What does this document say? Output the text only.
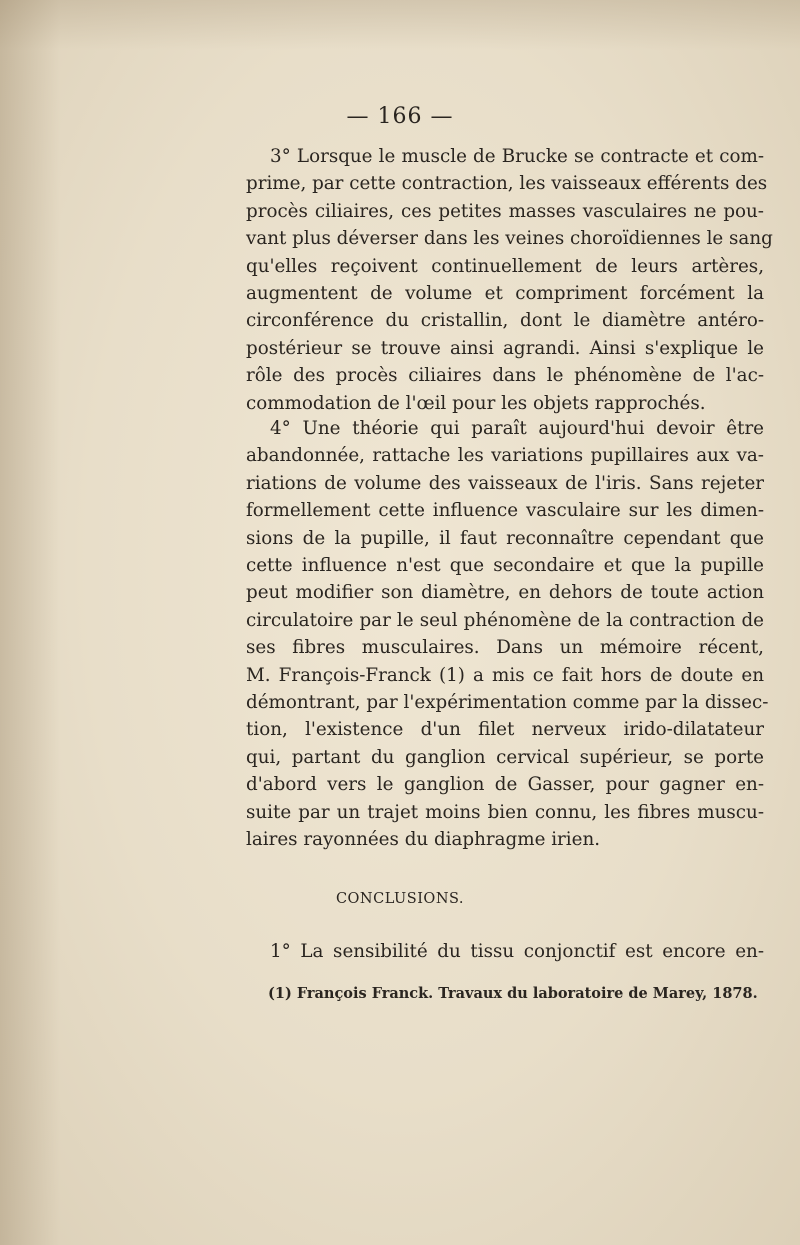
— 166 —
3° Lorsque le muscle de Brucke se contracte et com-
prime, par cette contraction, les vaisseaux efférents des
procès ciliaires, ces petites masses vasculaires ne pou-
vant plus déverser dans les veines choroïdiennes le sang
qu'elles reçoivent continuellement de leurs artères,
augmentent de volume et compriment forcément la
circonférence du cristallin, dont le diamètre antéro-
postérieur se trouve ainsi agrandi. Ainsi s'explique le
rôle des procès ciliaires dans le phénomène de l'ac-
commodation de l'œil pour les objets rapprochés.
4° Une théorie qui paraît aujourd'hui devoir être
abandonnée, rattache les variations pupillaires aux va-
riations de volume des vaisseaux de l'iris. Sans rejeter
formellement cette influence vasculaire sur les dimen-
sions de la pupille, il faut reconnaître cependant que
cette influence n'est que secondaire et que la pupille
peut modifier son diamètre, en dehors de toute action
circulatoire par le seul phénomène de la contraction de
ses fibres musculaires. Dans un mémoire récent,
M. François-Franck (1) a mis ce fait hors de doute en
démontrant, par l'expérimentation comme par la dissec-
tion, l'existence d'un filet nerveux irido-dilatateur
qui, partant du ganglion cervical supérieur, se porte
d'abord vers le ganglion de Gasser, pour gagner en-
suite par un trajet moins bien connu, les fibres muscu-
laires rayonnées du diaphragme irien.
CONCLUSIONS.
1° La sensibilité du tissu conjonctif est encore en-
(1) François Franck. Travaux du laboratoire de Marey, 1878.
